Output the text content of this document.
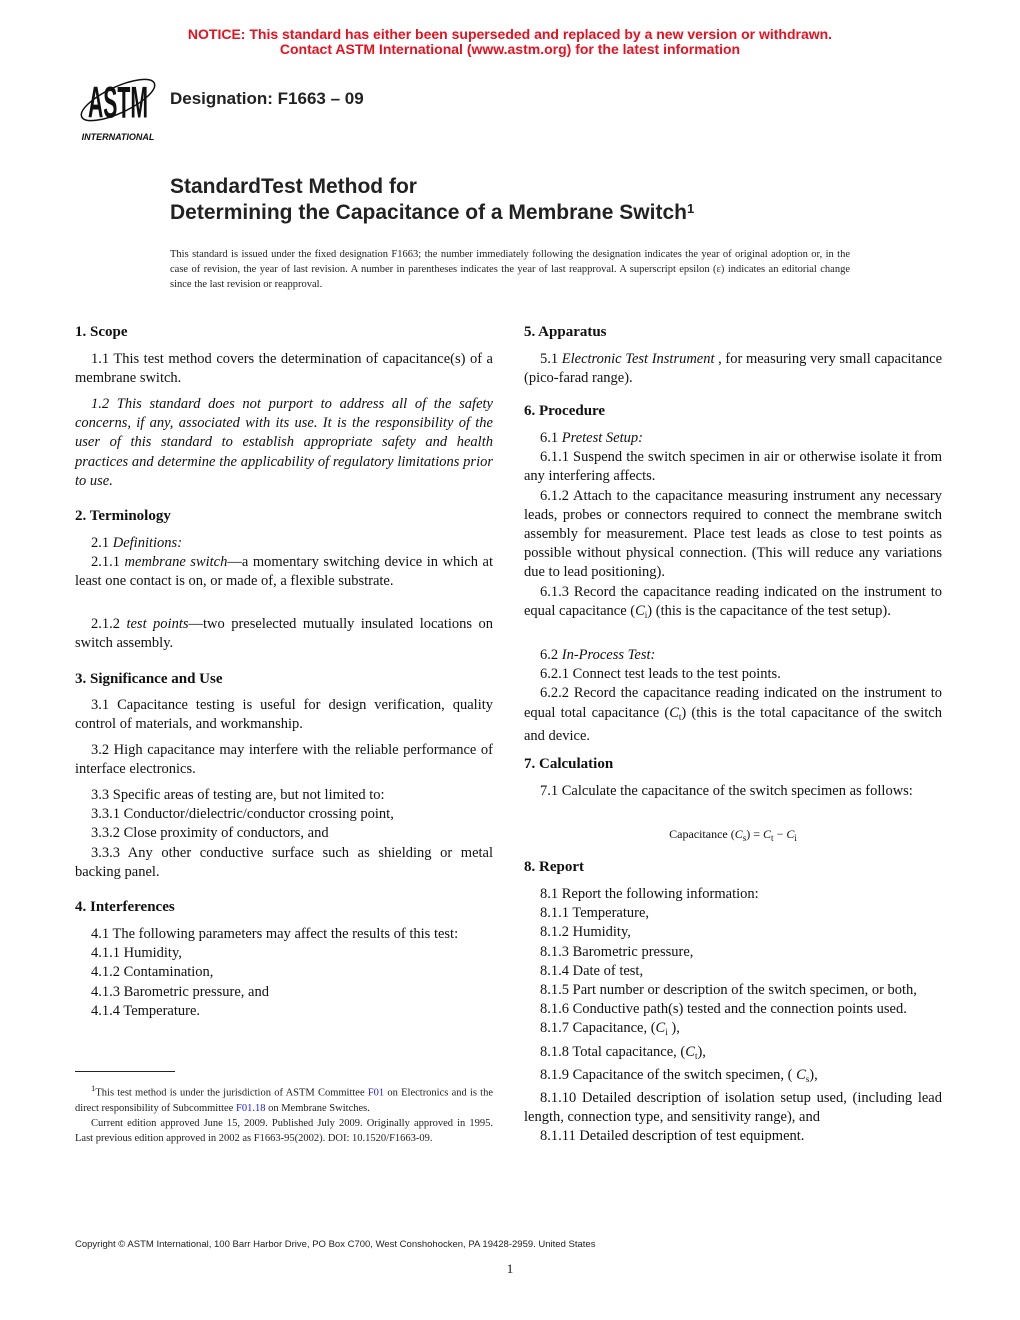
NOTICE: This standard has either been superseded and replaced by a new version or withdrawn.
Contact ASTM International (www.astm.org) for the latest information
ASTM
INTERNATIONAL
Designation: F1663 – 09
StandardTest Method for
Determining the Capacitance of a Membrane Switch$^1$
This standard is issued under the fixed designation F1663; the number immediately following the designation indicates the year of original adoption or, in the case of revision, the year of last revision. A number in parentheses indicates the year of last reapproval. A superscript epsilon (ε) indicates an editorial change since the last revision or reapproval.
1. Scope

1.1 This test method covers the determination of capacitance(s) of a membrane switch.

1.2 This standard does not purport to address all of the safety concerns, if any, associated with its use. It is the responsibility of the user of this standard to establish appropriate safety and health practices and determine the applicability of regulatory limitations prior to use.

2. Terminology

2.1 Definitions:

2.1.1 membrane switch—a momentary switching device in which at least one contact is on, or made of, a flexible substrate.

2.1.2 test points—two preselected mutually insulated locations on switch assembly.

3. Significance and Use

3.1 Capacitance testing is useful for design verification, quality control of materials, and workmanship.

3.2 High capacitance may interfere with the reliable performance of interface electronics.

3.3 Specific areas of testing are, but not limited to:

3.3.1 Conductor/dielectric/conductor crossing point,

3.3.2 Close proximity of conductors, and

3.3.3 Any other conductive surface such as shielding or metal backing panel.

4. Interferences

4.1 The following parameters may affect the results of this test:

4.1.1 Humidity,

4.1.2 Contamination,

4.1.3 Barometric pressure, and

4.1.4 Temperature.

5. Apparatus

5.1 Electronic Test Instrument , for measuring very small capacitance (pico-farad range).

6. Procedure

6.1 Pretest Setup:

6.1.1 Suspend the switch specimen in air or otherwise isolate it from any interfering affects.

6.1.2 Attach to the capacitance measuring instrument any necessary leads, probes or connectors required to connect the membrane switch assembly for measurement. Place test leads as close to test points as possible without physical connection. (This will reduce any variations due to lead positioning).

6.1.3 Record the capacitance reading indicated on the instrument to equal capacitance $(C_i)$ (this is the capacitance of the test setup).

6.2 In-Process Test:

6.2.1 Connect test leads to the test points.

6.2.2 Record the capacitance reading indicated on the instrument to equal total capacitance $(C_t)$ (this is the total capacitance of the switch and device.

7. Calculation

7.1 Calculate the capacitance of the switch specimen as follows:

Capacitance $(C_s) = C_t - C_i$
8. Report

8.1 Report the following information:

8.1.1 Temperature,

8.1.2 Humidity,

8.1.3 Barometric pressure,

8.1.4 Date of test,

8.1.5 Part number or description of the switch specimen, or both,

8.1.6 Conductive path(s) tested and the connection points used.

8.1.7 Capacitance, ($C_i$ ),

8.1.8 Total capacitance, $(C_t)$,

8.1.9 Capacitance of the switch specimen, ( $C_s$),

8.1.10 Detailed description of isolation setup used, (including lead length, connection type, and sensitivity range), and

8.1.11 Detailed description of test equipment.

$^1$This test method is under the jurisdiction of ASTM Committee F01 on Electronics and is the direct responsibility of Subcommittee F01.18 on Membrane Switches.

Current edition approved June 15, 2009. Published July 2009. Originally approved in 1995. Last previous edition approved in 2002 as F1663-95(2002). DOI: 10.1520/F1663-09.

Copyright © ASTM International, 100 Barr Harbor Drive, PO Box C700, West Conshohocken, PA 19428-2959. United States
1
